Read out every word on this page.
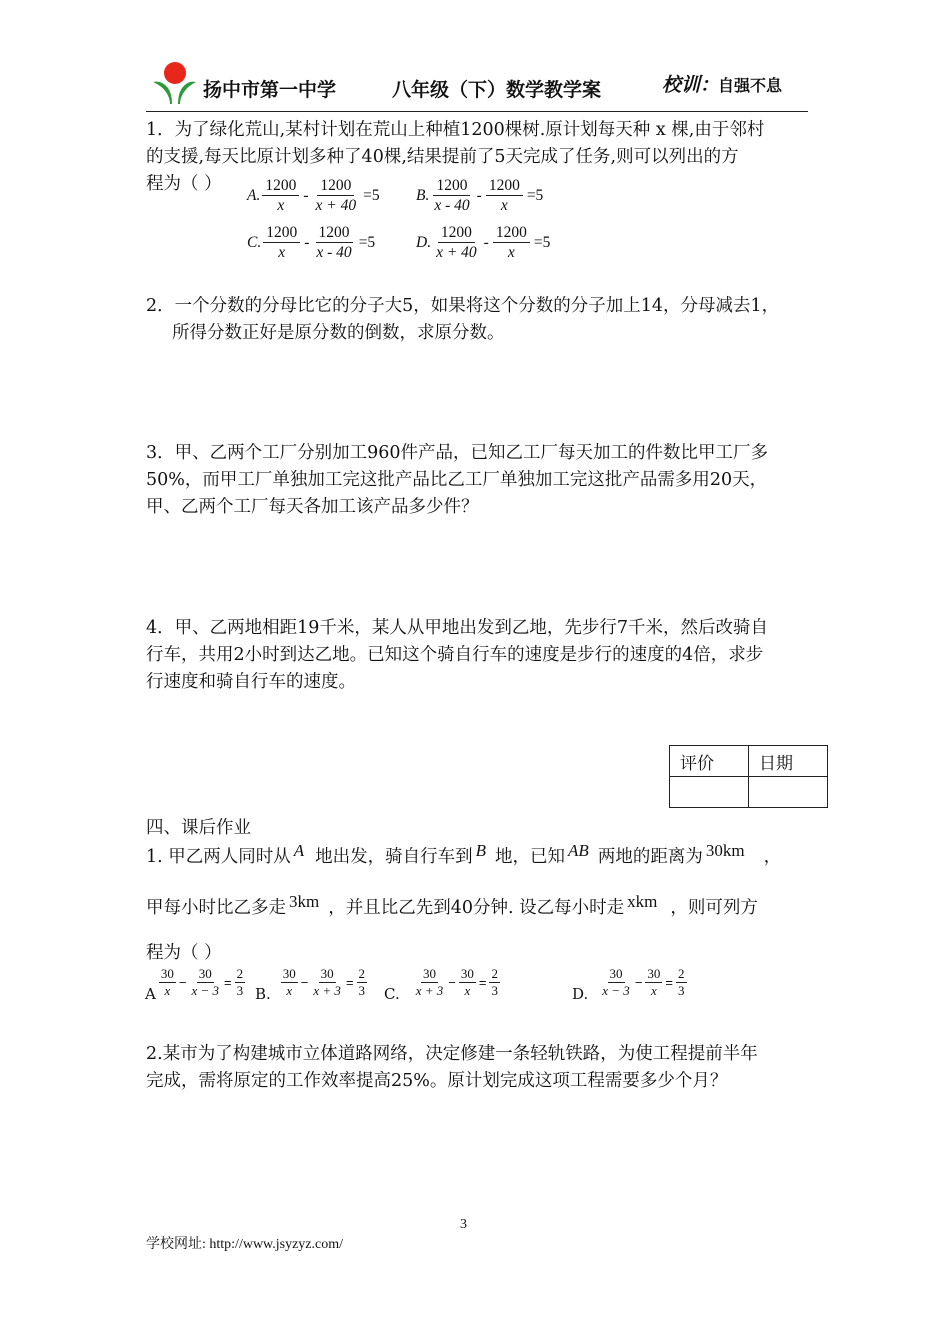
扬中市第一中学	八年级（下）数学教学案	校训：
自强不息
1．为了绿化荒山,某村计划在荒山上种植1200棵树.原计划每天种 x 棵,由于邻村
的支援,每天比原计划多种了40棵,结果提前了5天完成了任务,则可以列出的方
程为（ ）
A.
1200
x
- $\frac{1200}{x + 40} =5$ B.
1200
x - 40
- $\frac{1200}{x} =5$
C.
1200
x
- $\frac{1200}{x - 40} =5$	D.
1200
x + 40
- $\frac{1200}{x} =5$
2．一个分数的分母比它的分子大5，如果将这个分数的分子加上14，分母减去1，
所得分数正好是原分数的倒数，求原分数。
3．甲、乙两个工厂分别加工960件产品，已知乙工厂每天加工的件数比甲工厂多
50%，而甲工厂单独加工完这批产品比乙工厂单独加工完这批产品需多用20天，
甲、乙两个工厂每天各加工该产品多少件？
4．甲、乙两地相距19千米，某人从甲地出发到乙地，先步行7千米，然后改骑自
行车，共用2小时到达乙地。已知这个骑自行车的速度是步行的速度的4倍，求步
行速度和骑自行车的速度。
评价	日期

四、课后作业
1. 甲乙两人同时从 A 地出发，骑自行车到 B 地，已知 AB 两地的距离为 30km ，
甲每小时比乙多走 3km ，并且比乙先到40分钟. 设乙每小时走 xkm ，则可列方
程为（ ）
A
30
x
− $\frac{30}{x - 3} = \frac{2}{3} B$.
30
x
− $\frac{30}{x + 3} = \frac{2}{3} C$.
30
x + 3
− $\frac{30}{x} = \frac{2}{3}$	D.
30
x − 3
− $\frac{30}{x} = \frac{2}{3}$
2.某市为了构建城市立体道路网络，决定修建一条轻轨铁路，为使工程提前半年
完成，需将原定的工作效率提高25%。原计划完成这项工程需要多少个月？
3
学校网址: http://www.jsyzyz.com/
